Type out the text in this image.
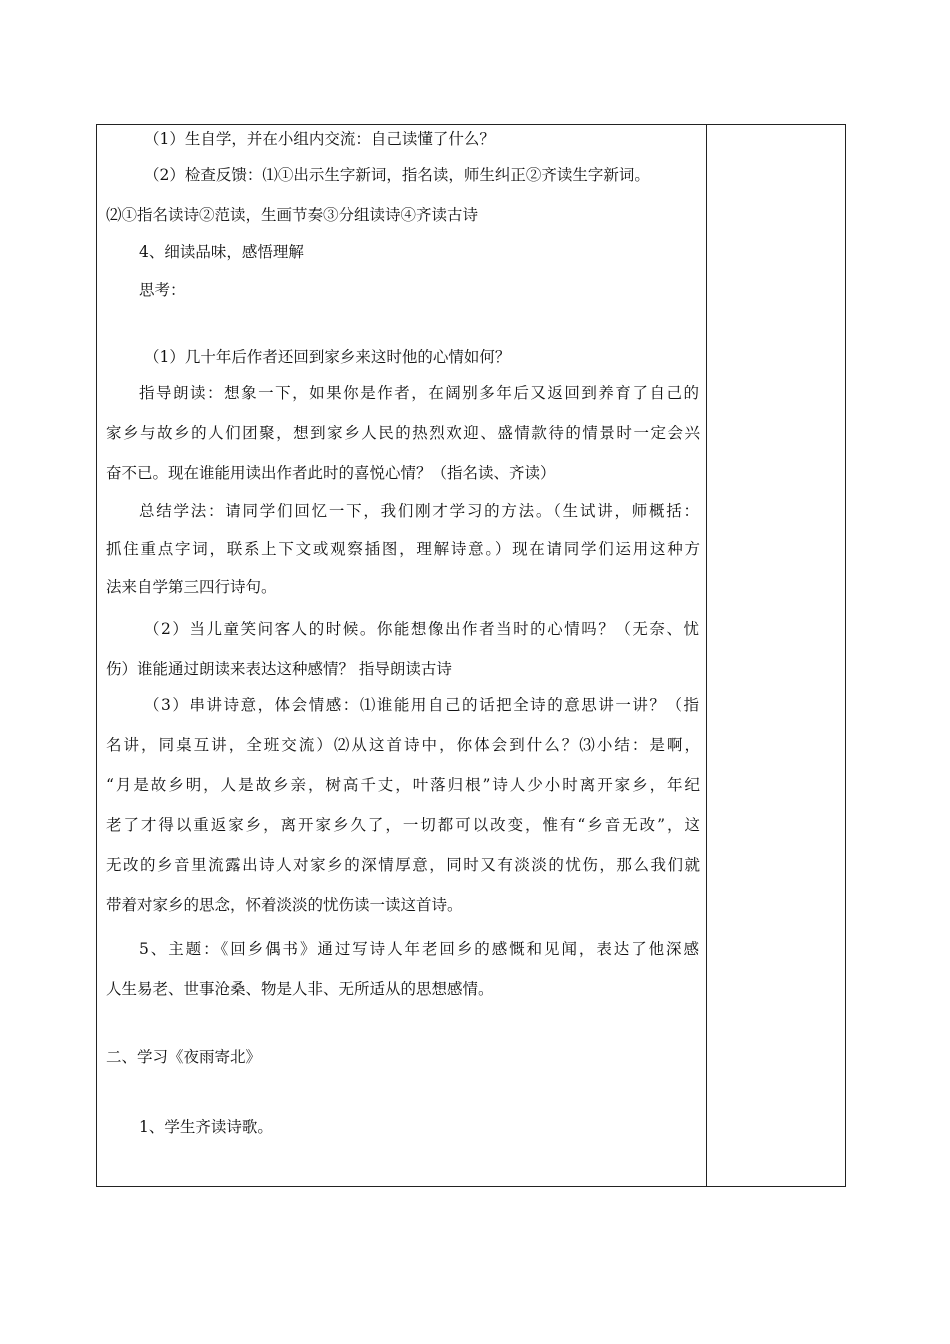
（1）生自学，并在小组内交流：自己读懂了什么？
（2）检查反馈：⑴①出示生字新词，指名读，师生纠正②齐读生字新词。
⑵①指名读诗②范读，生画节奏③分组读诗④齐读古诗
4、细读品味，感悟理解
思考：
（1）几十年后作者还回到家乡来这时他的心情如何？
指导朗读：想象一下，如果你是作者，在阔别多年后又返回到养育了自己的
家乡与故乡的人们团聚，想到家乡人民的热烈欢迎、盛情款待的情景时一定会兴
奋不已。现在谁能用读出作者此时的喜悦心情？（指名读、齐读）
总结学法：请同学们回忆一下，我们刚才学习的方法。（生试讲，师概括：
抓住重点字词，联系上下文或观察插图，理解诗意。）现在请同学们运用这种方
法来自学第三四行诗句。
（2）当儿童笑问客人的时候。你能想像出作者当时的心情吗？（无奈、忧
伤）谁能通过朗读来表达这种感情？ 指导朗读古诗
（3）串讲诗意，体会情感：⑴谁能用自己的话把全诗的意思讲一讲？（指
名讲，同桌互讲，全班交流）⑵从这首诗中，你体会到什么？⑶小结：是啊，
“月是故乡明，人是故乡亲，树高千丈，叶落归根”诗人少小时离开家乡，年纪
老了才得以重返家乡，离开家乡久了，一切都可以改变，惟有“乡音无改”，这
无改的乡音里流露出诗人对家乡的深情厚意，同时又有淡淡的忧伤，那么我们就
带着对家乡的思念，怀着淡淡的忧伤读一读这首诗。
5、主题：《回乡偶书》通过写诗人年老回乡的感慨和见闻，表达了他深感
人生易老、世事沧桑、物是人非、无所适从的思想感情。
二、学习《夜雨寄北》
1、学生齐读诗歌。
